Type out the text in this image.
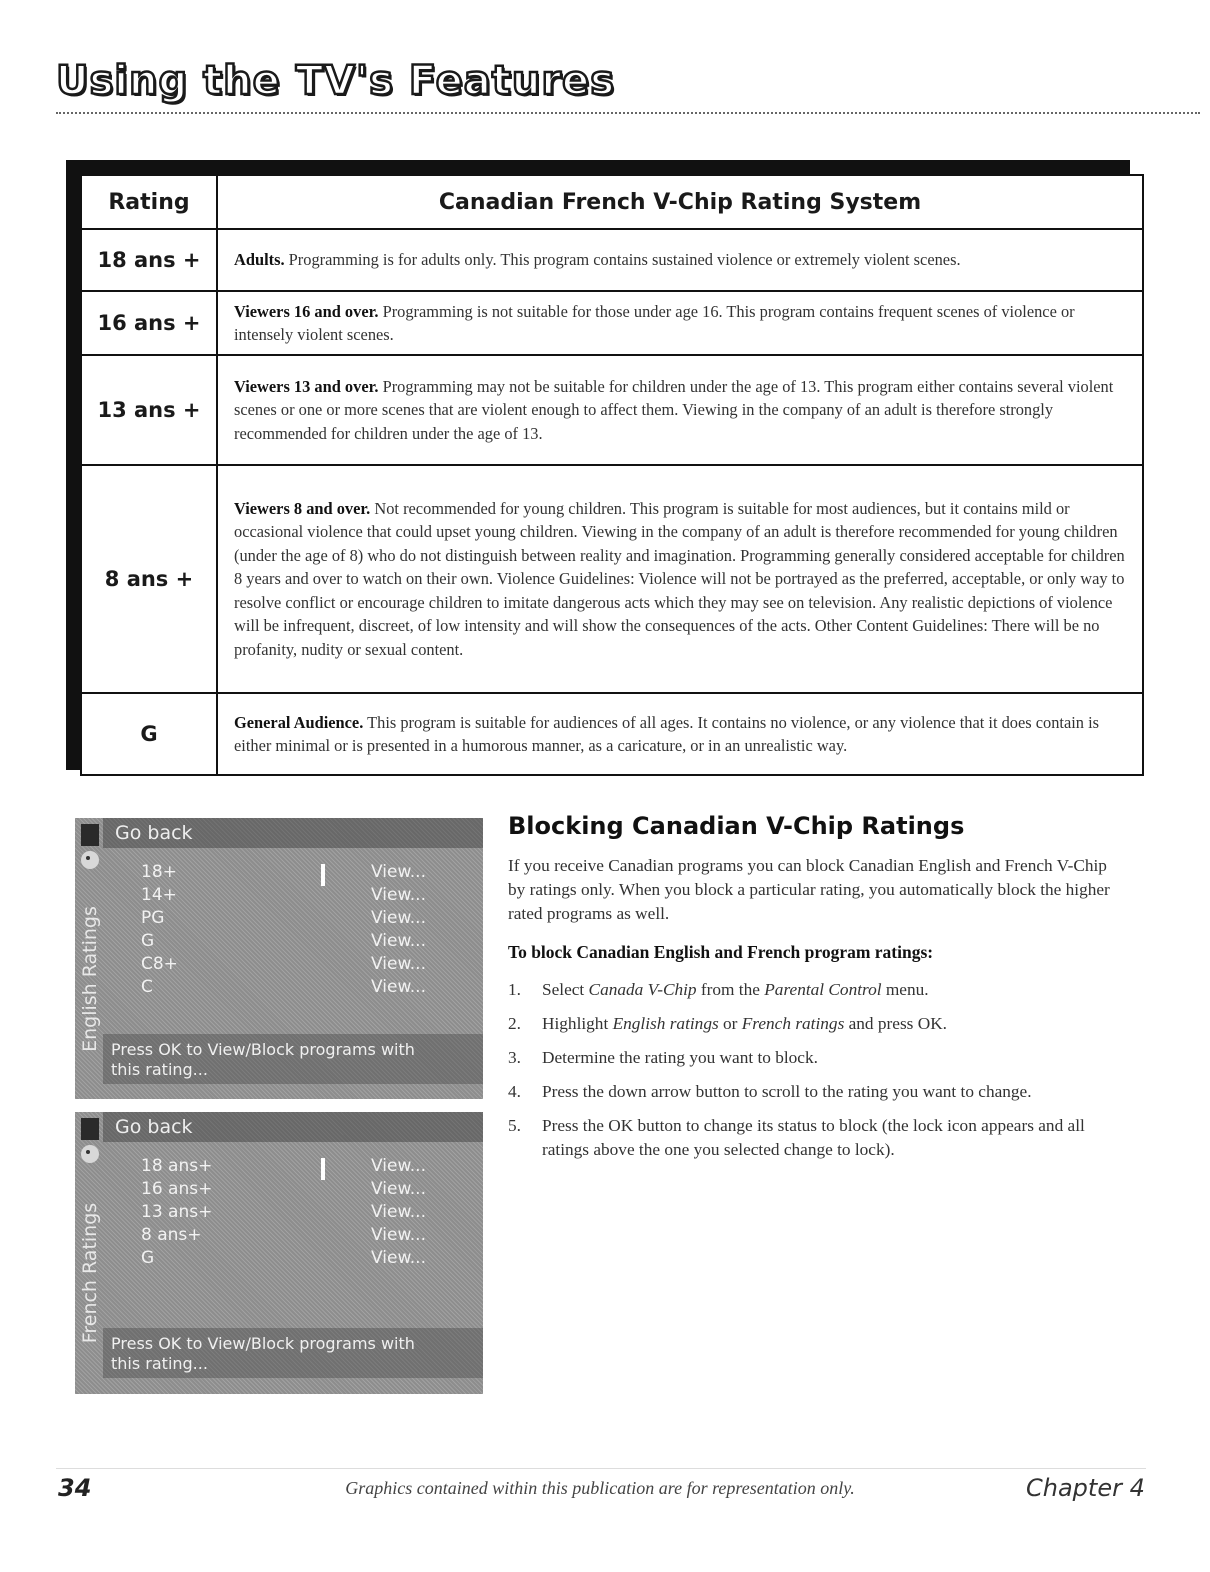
Using the TV's Features
Rating	Canadian French V-Chip Rating System
18 ans +	Adults. Programming is for adults only. This program contains sustained violence or extremely violent scenes.
16 ans +	Viewers 16 and over. Programming is not suitable for those under age 16. This program contains frequent scenes of violence or intensely violent scenes.
13 ans +	Viewers 13 and over. Programming may not be suitable for children under the age of 13. This program either contains several violent scenes or one or more scenes that are violent enough to affect them. Viewing in the company of an adult is therefore strongly recommended for children under the age of 13.
8 ans +	Viewers 8 and over. Not recommended for young children. This program is suitable for most audiences, but it contains mild or occasional violence that could upset young children. Viewing in the company of an adult is therefore recommended for young children (under the age of 8) who do not distinguish between reality and imagination. Programming generally considered acceptable for children 8 years and over to watch on their own. Violence Guidelines: Violence will not be portrayed as the preferred, acceptable, or only way to resolve conflict or encourage children to imitate dangerous acts which they may see on television. Any realistic depictions of violence will be infrequent, discreet, of low intensity and will show the consequences of the acts. Other Content Guidelines: There will be no profanity, nudity or sexual content.
G	General Audience. This program is suitable for audiences of all ages. It contains no violence, or any violence that it does contain is either minimal or is presented in a humorous manner, as a caricature, or in an unrealistic way.
Go back
English Ratings
18+	View...
14+	View...
PG	View...
G	View...
C8+	View...
C	View...
Press OK to View/Block programs with this rating...
Go back
French Ratings
18 ans+	View...
16 ans+	View...
13 ans+	View...
8 ans+	View...
G	View...
Press OK to View/Block programs with this rating...
Blocking Canadian V-Chip Ratings

If you receive Canadian programs you can block Canadian English and French V-Chip by ratings only. When you block a particular rating, you automatically block the higher rated programs as well.

To block Canadian English and French program ratings:

1. Select Canada V-Chip from the Parental Control menu.
2. Highlight English ratings or French ratings and press OK.
3. Determine the rating you want to block.
4. Press the down arrow button to scroll to the rating you want to change.
5. Press the OK button to change its status to block (the lock icon appears and all ratings above the one you selected change to lock).
34	Graphics contained within this publication are for representation only.	Chapter 4
